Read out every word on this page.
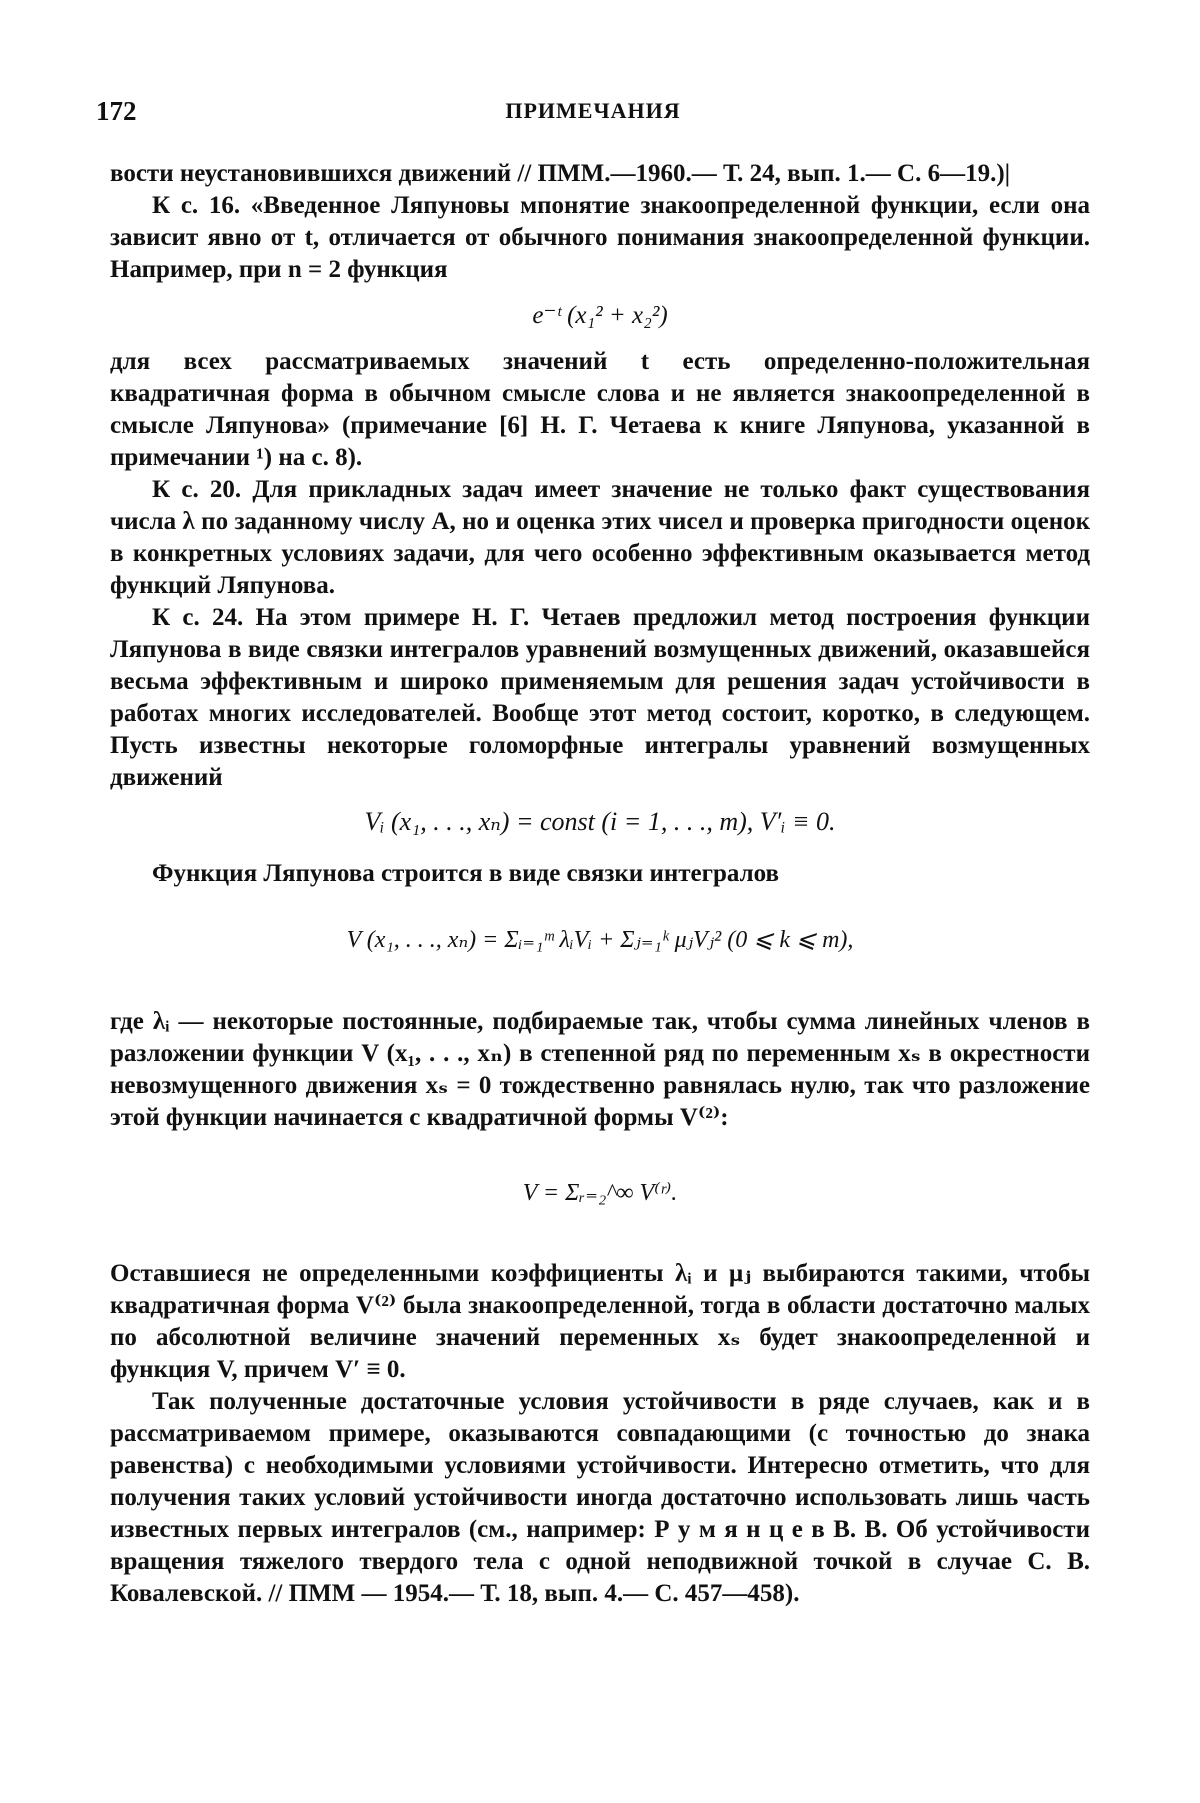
172	ПРИМЕЧАНИЯ

вости неустановившихся движений // ПММ.—1960.— Т. 24, вып. 1.— С. 6—19.)|

К с. 16. «Введенное Ляпуновы мпонятие знакоопределенной функции, если она зависит явно от t, отличается от обычного понимания знакоопределенной функции. Например, при n = 2 функция

e⁻ᵗ (x₁² + x₂²)

для всех рассматриваемых значений t есть определенно-положительная квадратичная форма в обычном смысле слова и не является знакоопределенной в смысле Ляпунова» (примечание [6] Н. Г. Четаева к книге Ляпунова, указанной в примечании ¹) на с. 8).

К с. 20. Для прикладных задач имеет значение не только факт существования числа λ по заданному числу A, но и оценка этих чисел и проверка пригодности оценок в конкретных условиях задачи, для чего особенно эффективным оказывается метод функций Ляпунова.

К с. 24. На этом примере Н. Г. Четаев предложил метод построения функции Ляпунова в виде связки интегралов уравнений возмущенных движений, оказавшейся весьма эффективным и широко применяемым для решения задач устойчивости в работах многих исследователей. Вообще этот метод состоит, коротко, в следующем. Пусть известны некоторые голоморфные интегралы уравнений возмущенных движений

Vᵢ (x₁, . . ., xₙ) = const (i = 1, . . ., m), V′ᵢ ≡ 0.

Функция Ляпунова строится в виде связки интегралов

V (x₁, . . ., xₙ) = Σᵢ₌₁ᵐ λᵢVᵢ + Σⱼ₌₁ᵏ μⱼVⱼ² (0 ⩽ k ⩽ m),

где λᵢ — некоторые постоянные, подбираемые так, чтобы сумма линейных членов в разложении функции V (x₁, . . ., xₙ) в степенной ряд по переменным xₛ в окрестности невозмущенного движения xₛ = 0 тождественно равнялась нулю, так что разложение этой функции начинается с квадратичной формы V⁽²⁾:

V = Σᵣ₌₂^∞ V⁽ʳ⁾.

Оставшиеся не определенными коэффициенты λᵢ и μⱼ выбираются такими, чтобы квадратичная форма V⁽²⁾ была знакоопределенной, тогда в области достаточно малых по абсолютной величине значений переменных xₛ будет знакоопределенной и функция V, причем V′ ≡ 0.

Так полученные достаточные условия устойчивости в ряде случаев, как и в рассматриваемом примере, оказываются совпадающими (с точностью до знака равенства) с необходимыми условиями устойчивости. Интересно отметить, что для получения таких условий устойчивости иногда достаточно использовать лишь часть известных первых интегралов (см., например: Р у м я н ц е в В. В. Об устойчивости вращения тяжелого твердого тела с одной неподвижной точкой в случае С. В. Ковалевской. // ПММ — 1954.— Т. 18, вып. 4.— С. 457—458).
